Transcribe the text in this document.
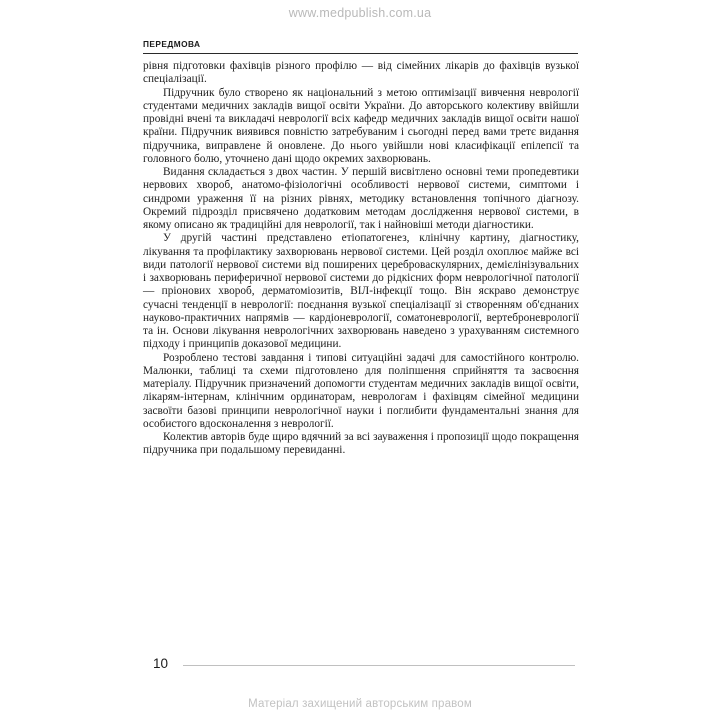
www.medpublish.com.ua
ПЕРЕДМОВА

рівня підготовки фахівців різного профілю — від сімейних лікарів до фахівців вузької спеціалізації.

Підручник було створено як національний з метою оптимізації вивчення неврології студентами медичних закладів вищої освіти України. До авторського колективу ввійшли провідні вчені та викладачі неврології всіх кафедр медичних закладів вищої освіти нашої країни. Підручник виявився повністю затребуваним і сьогодні перед вами третє видання підручника, виправлене й оновлене. До нього увійшли нові класифікації епілепсії та головного болю, уточнено дані щодо окремих захворювань.

Видання складається з двох частин. У першій висвітлено основні теми пропедевтики нервових хвороб, анатомо-фізіологічні особливості нервової системи, симптоми і синдроми ураження її на різних рівнях, методику встановлення топічного діагнозу. Окремий підрозділ присвячено додатковим методам дослідження нервової системи, в якому описано як традиційні для неврології, так і найновіші методи діагностики.

У другій частині представлено етіопатогенез, клінічну картину, діагностику, лікування та профілактику захворювань нервової системи. Цей розділ охоплює майже всі види патології нервової системи від поширених цереброваскулярних, демієлінізувальних і захворювань периферичної нервової системи до рідкісних форм неврологічної патології — пріонових хвороб, дерматоміозитів, ВІЛ-інфекції тощо. Він яскраво демонструє сучасні тенденції в неврології: поєднання вузької спеціалізації зі створенням об'єднаних науково-практичних напрямів — кардіоневрології, соматоневрології, вертеброневрології та ін. Основи лікування неврологічних захворювань наведено з урахуванням системного підходу і принципів доказової медицини.

Розроблено тестові завдання і типові ситуаційні задачі для самостійного контролю. Малюнки, таблиці та схеми підготовлено для поліпшення сприйняття та засвоєння матеріалу. Підручник призначений допомогти студентам медичних закладів вищої освіти, лікарям-інтернам, клінічним ординаторам, неврологам і фахівцям сімейної медицини засвоїти базові принципи неврологічної науки і поглибити фундаментальні знання для особистого вдосконалення з неврології.

Колектив авторів буде щиро вдячний за всі зауваження і пропозиції щодо покращення підручника при подальшому перевиданні.

10
Матеріал захищений авторським правом
